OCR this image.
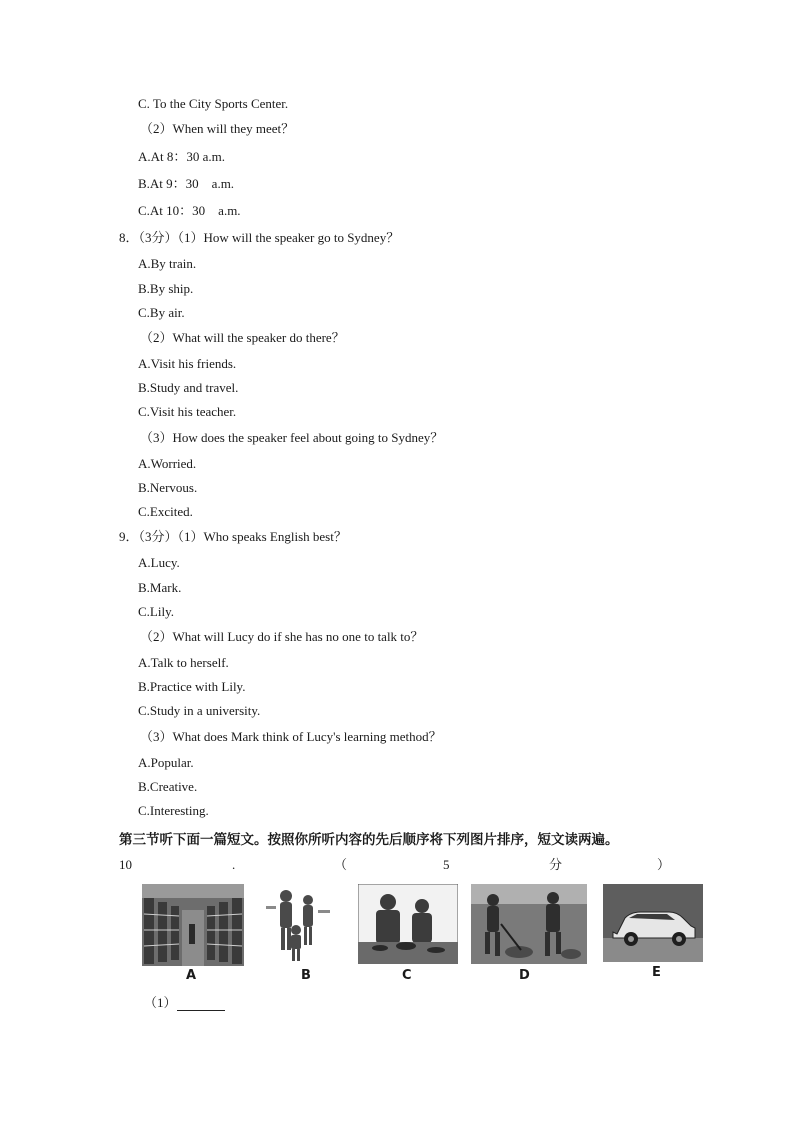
C. To the City Sports Center.
（2）When will they meet？
A.At 8：30 a.m.
B.At 9：30　a.m.
C.At 10：30　a.m.
8．（3分）（1）How will the speaker go to Sydney？
A.By train.
B.By ship.
C.By air.
（2）What will the speaker do there？
A.Visit his friends.
B.Study and travel.
C.Visit his teacher.
（3）How does the speaker feel about going to Sydney？
A.Worried.
B.Nervous.
C.Excited.
9．（3分）（1）Who speaks English best？
A.Lucy.
B.Mark.
C.Lily.
（2）What will Lucy do if she has no one to talk to？
A.Talk to herself.
B.Practice with Lily.
C.Study in a university.
（3）What does Mark think of Lucy's learning method？
A.Popular.
B.Creative.
C.Interesting.
第三节听下面一篇短文。按照你所听内容的先后顺序将下列图片排序，短文读两遍。
10	.	（	5	分	）
A	B	C	D	E
（1）
